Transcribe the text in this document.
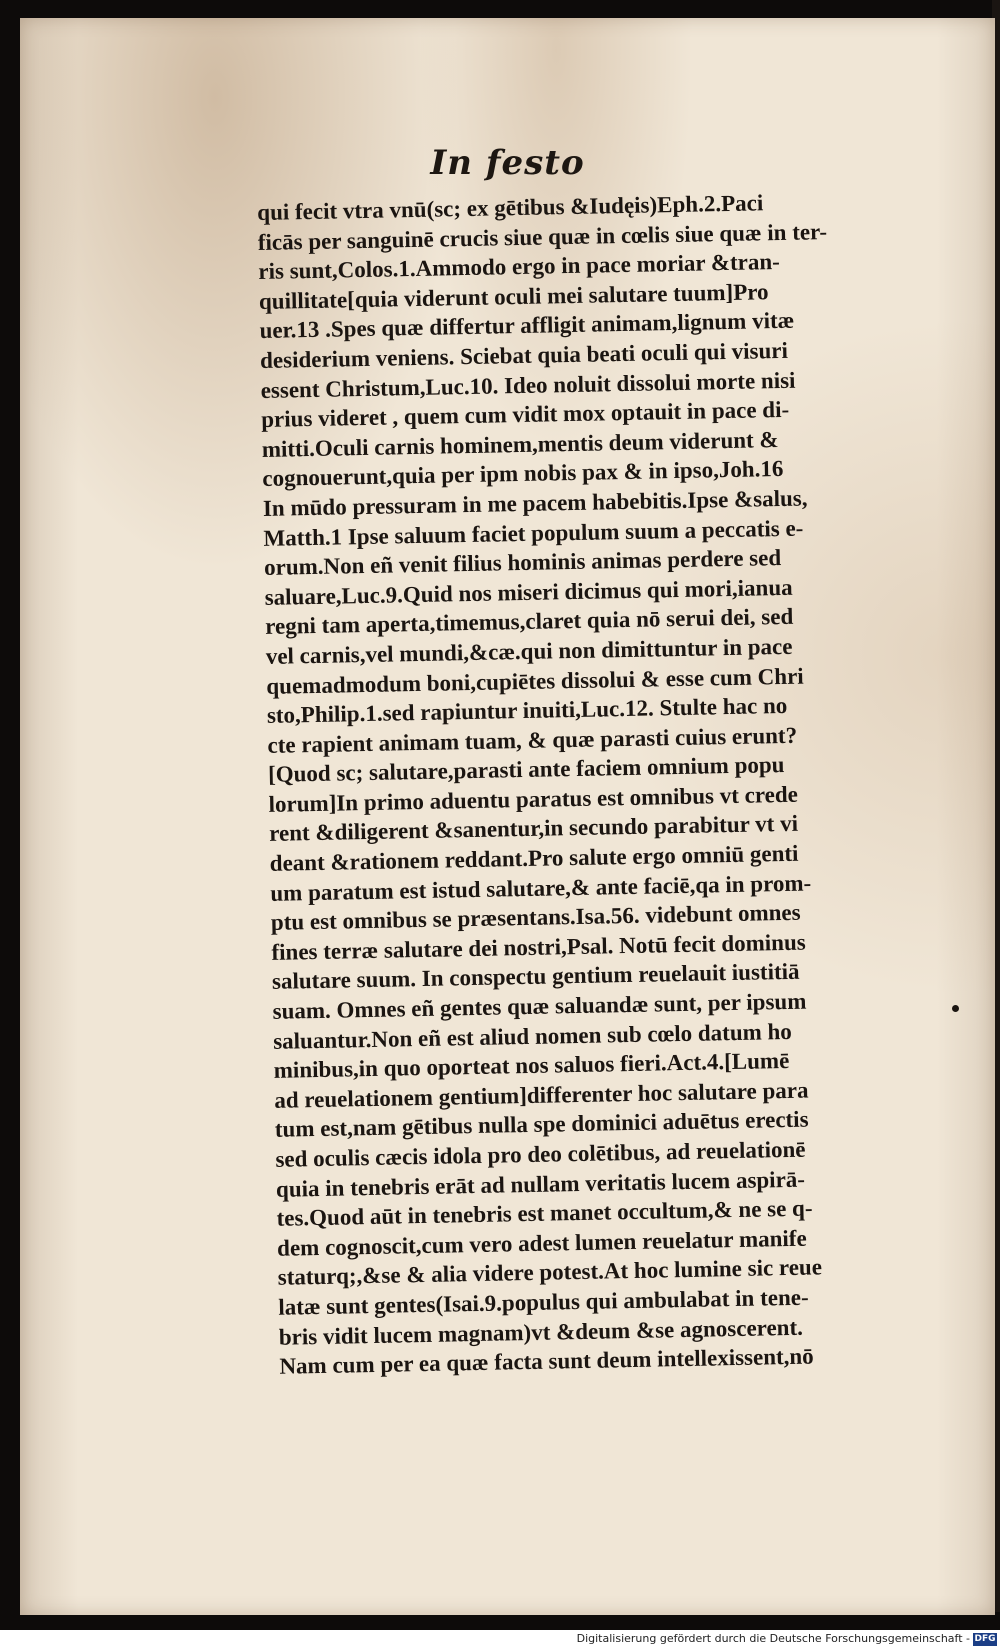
In festo
qui fecit vtra vnū(sc; ex gētibus &Iudęis)Eph.2.Paci
ficās per sanguinē crucis siue quæ in cœlis siue quæ in ter-
ris sunt,Colos.1.Ammodo ergo in pace moriar &tran-
quillitate[quia viderunt oculi mei salutare tuum]Pro
uer.13 .Spes quæ differtur affligit animam,lignum vitæ
desiderium veniens. Sciebat quia beati oculi qui visuri
essent Christum,Luc.10. Ideo noluit dissolui morte nisi
prius videret , quem cum vidit mox optauit in pace di-
mitti.Oculi carnis hominem,mentis deum viderunt &
cognouerunt,quia per ipm nobis pax & in ipso,Joh.16
In mūdo pressuram in me pacem habebitis.Ipse &salus,
Matth.1 Ipse saluum faciet populum suum a peccatis e-
orum.Non eñ venit filius hominis animas perdere sed
saluare,Luc.9.Quid nos miseri dicimus qui mori,ianua
regni tam aperta,timemus,claret quia nō serui dei, sed
vel carnis,vel mundi,&cæ.qui non dimittuntur in pace
quemadmodum boni,cupiētes dissolui & esse cum Chri
sto,Philip.1.sed rapiuntur inuiti,Luc.12. Stulte hac no
cte rapient animam tuam, & quæ parasti cuius erunt?
[Quod sc; salutare,parasti ante faciem omnium popu
lorum]In primo aduentu paratus est omnibus vt crede
rent &diligerent &sanentur,in secundo parabitur vt vi
deant &rationem reddant.Pro salute ergo omniū genti
um paratum est istud salutare,& ante faciē,qa in prom-
ptu est omnibus se præsentans.Isa.56. videbunt omnes
fines terræ salutare dei nostri,Psal. Notū fecit dominus
salutare suum. In conspectu gentium reuelauit iustitiā
suam. Omnes eñ gentes quæ saluandæ sunt, per ipsum
saluantur.Non eñ est aliud nomen sub cœlo datum ho
minibus,in quo oporteat nos saluos fieri.Act.4.[Lumē
ad reuelationem gentium]differenter hoc salutare para
tum est,nam gētibus nulla spe dominici aduētus erectis
sed oculis cæcis idola pro deo colētibus, ad reuelationē
quia in tenebris erāt ad nullam veritatis lucem aspirā-
tes.Quod aūt in tenebris est manet occultum,& ne se q-
dem cognoscit,cum vero adest lumen reuelatur manife
staturq;,&se & alia videre potest.At hoc lumine sic reue
latæ sunt gentes(Isai.9.populus qui ambulabat in tene-
bris vidit lucem magnam)vt &deum &se agnoscerent.
Nam cum per ea quæ facta sunt deum intellexissent,nō
Digitalisierung gefördert durch die Deutsche Forschungsgemeinschaft - DFG
